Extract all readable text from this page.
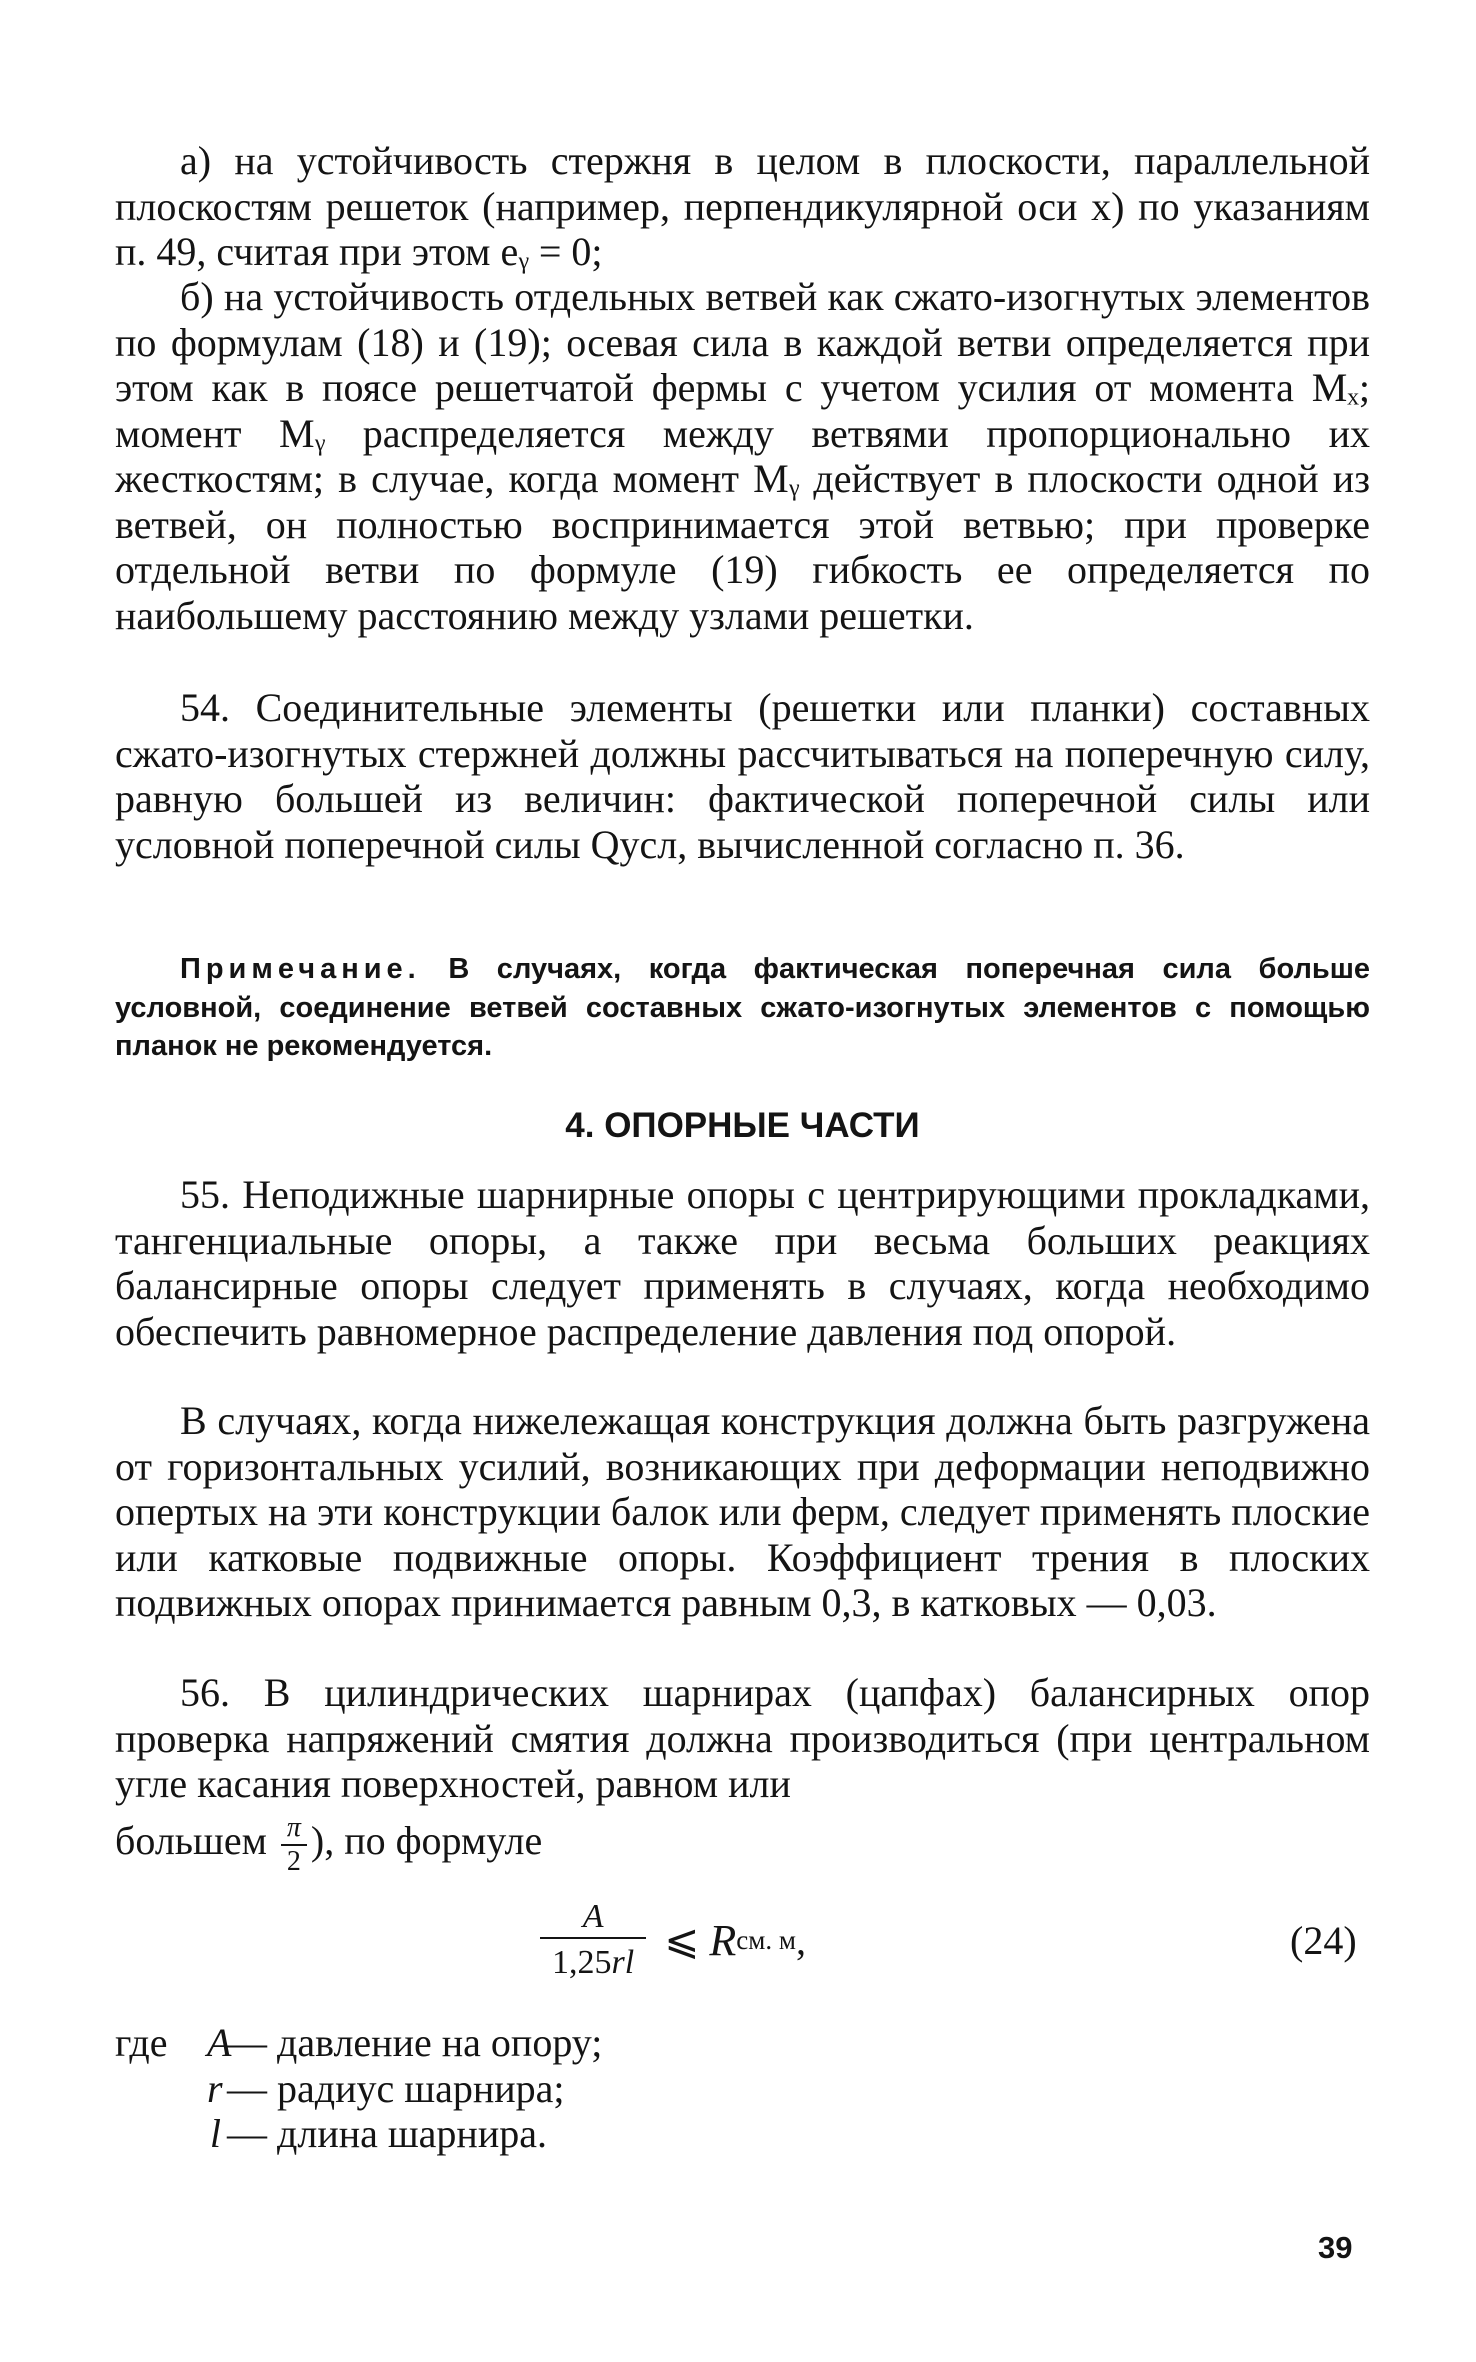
а) на устойчивость стержня в целом в плоскости, параллельной плоскостям решеток (например, перпендикулярной оси x) по указаниям п. 49, считая при этом eᵧ = 0;

б) на устойчивость отдельных ветвей как сжато-изогнутых элементов по формулам (18) и (19); осевая сила в каждой ветви определяется при этом как в поясе решетчатой фермы с учетом усилия от момента Mₓ; момент Mᵧ распределяется между ветвями пропорционально их жесткостям; в случае, когда момент Mᵧ действует в плоскости одной из ветвей, он полностью воспринимается этой ветвью; при проверке отдельной ветви по формуле (19) гибкость ее определяется по наибольшему расстоянию между узлами решетки.

54. Соединительные элементы (решетки или планки) составных сжато-изогнутых стержней должны рассчитываться на поперечную силу, равную большей из величин: фактической поперечной силы или условной поперечной силы Qусл, вычисленной согласно п. 36.

Примечание. В случаях, когда фактическая поперечная сила больше условной, соединение ветвей составных сжато-изогнутых элементов с помощью планок не рекомендуется.

4. ОПОРНЫЕ ЧАСТИ

55. Неподижные шарнирные опоры с центрирующими прокладками, тангенциальные опоры, а также при весьма больших реакциях балансирные опоры следует применять в случаях, когда необходимо обеспечить равномерное распределение давления под опорой.

В случаях, когда нижележащая конструкция должна быть разгружена от горизонтальных усилий, возникающих при деформации неподвижно опертых на эти конструкции балок или ферм, следует применять плоские или катковые подвижные опоры. Коэффициент трения в плоских подвижных опорах принимается равным 0,3, в катковых — 0,03.

56. В цилиндрических шарнирах (цапфах) балансирных опор проверка напряжений смятия должна производиться (при центральном угле касания поверхностей, равном или

большем $\frac{\pi}{2}$ ), по формуле

$\frac{A}{1,25rl}$ ⩽ R см. м ,	(24)
где A— давление на опору;
r — радиус шарнира;
l — длина шарнира.
39
